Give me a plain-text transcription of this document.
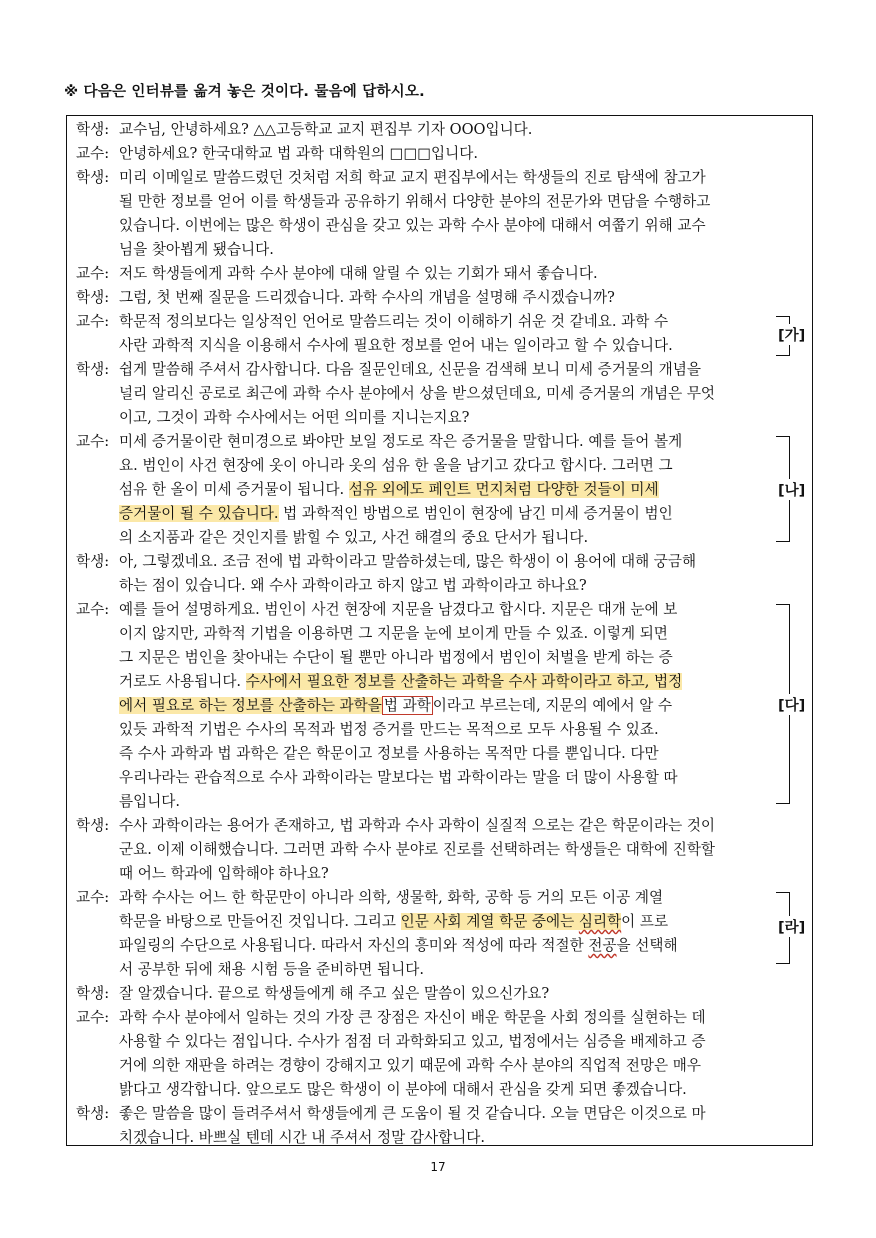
※ 다음은 인터뷰를 옮겨 놓은 것이다. 물음에 답하시오.
학생: 교수님, 안녕하세요? △△고등학교 교지 편집부 기자 OOO입니다.
교수: 안녕하세요? 한국대학교 법 과학 대학원의 □□□입니다.
학생: 미리 이메일로 말씀드렸던 것처럼 저희 학교 교지 편집부에서는 학생들의 진로 탐색에 참고가
될 만한 정보를 얻어 이를 학생들과 공유하기 위해서 다양한 분야의 전문가와 면담을 수행하고
있습니다. 이번에는 많은 학생이 관심을 갖고 있는 과학 수사 분야에 대해서 여쭙기 위해 교수
님을 찾아뵙게 됐습니다.
교수: 저도 학생들에게 과학 수사 분야에 대해 알릴 수 있는 기회가 돼서 좋습니다.
학생: 그럼, 첫 번째 질문을 드리겠습니다. 과학 수사의 개념을 설명해 주시겠습니까?
교수: 학문적 정의보다는 일상적인 언어로 말씀드리는 것이 이해하기 쉬운 것 같네요. 과학 수
사란 과학적 지식을 이용해서 수사에 필요한 정보를 얻어 내는 일이라고 할 수 있습니다.
[가]
학생: 쉽게 말씀해 주셔서 감사합니다. 다음 질문인데요, 신문을 검색해 보니 미세 증거물의 개념을
널리 알리신 공로로 최근에 과학 수사 분야에서 상을 받으셨던데요, 미세 증거물의 개념은 무엇
이고, 그것이 과학 수사에서는 어떤 의미를 지니는지요?
교수: 미세 증거물이란 현미경으로 봐야만 보일 정도로 작은 증거물을 말합니다. 예를 들어 볼게
요. 범인이 사건 현장에 옷이 아니라 옷의 섬유 한 올을 남기고 갔다고 합시다. 그러면 그
섬유 한 올이 미세 증거물이 됩니다. 섬유 외에도 페인트 먼지처럼 다양한 것들이 미세
증거물이 될 수 있습니다. 법 과학적인 방법으로 범인이 현장에 남긴 미세 증거물이 범인
의 소지품과 같은 것인지를 밝힐 수 있고, 사건 해결의 중요 단서가 됩니다.
[나]
학생: 아, 그렇겠네요. 조금 전에 법 과학이라고 말씀하셨는데, 많은 학생이 이 용어에 대해 궁금해
하는 점이 있습니다. 왜 수사 과학이라고 하지 않고 법 과학이라고 하나요?
교수: 예를 들어 설명하게요. 범인이 사건 현장에 지문을 남겼다고 합시다. 지문은 대개 눈에 보
이지 않지만, 과학적 기법을 이용하면 그 지문을 눈에 보이게 만들 수 있죠. 이렇게 되면
그 지문은 범인을 찾아내는 수단이 될 뿐만 아니라 법정에서 범인이 처벌을 받게 하는 증
거로도 사용됩니다. 수사에서 필요한 정보를 산출하는 과학을 수사 과학이라고 하고, 법정
에서 필요로 하는 정보를 산출하는 과학을 법 과학 이라고 부르는데, 지문의 예에서 알 수
있듯 과학적 기법은 수사의 목적과 법정 증거를 만드는 목적으로 모두 사용될 수 있죠.
즉 수사 과학과 법 과학은 같은 학문이고 정보를 사용하는 목적만 다를 뿐입니다. 다만
우리나라는 관습적으로 수사 과학이라는 말보다는 법 과학이라는 말을 더 많이 사용할 따
름입니다.
[다]
학생: 수사 과학이라는 용어가 존재하고, 법 과학과 수사 과학이 실질적 으로는 같은 학문이라는 것이
군요. 이제 이해했습니다. 그러면 과학 수사 분야로 진로를 선택하려는 학생들은 대학에 진학할
때 어느 학과에 입학해야 하나요?
교수: 과학 수사는 어느 한 학문만이 아니라 의학, 생물학, 화학, 공학 등 거의 모든 이공 계열
학문을 바탕으로 만들어진 것입니다. 그리고 인문 사회 계열 학문 중에는 심리학이 프로
파일링의 수단으로 사용됩니다. 따라서 자신의 흥미와 적성에 따라 적절한 전공을 선택해
서 공부한 뒤에 채용 시험 등을 준비하면 됩니다.
[라]
학생: 잘 알겠습니다. 끝으로 학생들에게 해 주고 싶은 말씀이 있으신가요?
교수: 과학 수사 분야에서 일하는 것의 가장 큰 장점은 자신이 배운 학문을 사회 정의를 실현하는 데
사용할 수 있다는 점입니다. 수사가 점점 더 과학화되고 있고, 법정에서는 심증을 배제하고 증
거에 의한 재판을 하려는 경향이 강해지고 있기 때문에 과학 수사 분야의 직업적 전망은 매우
밝다고 생각합니다. 앞으로도 많은 학생이 이 분야에 대해서 관심을 갖게 되면 좋겠습니다.
학생: 좋은 말씀을 많이 들려주셔서 학생들에게 큰 도움이 될 것 같습니다. 오늘 면담은 이것으로 마
치겠습니다. 바쁘실 텐데 시간 내 주셔서 정말 감사합니다.
17
